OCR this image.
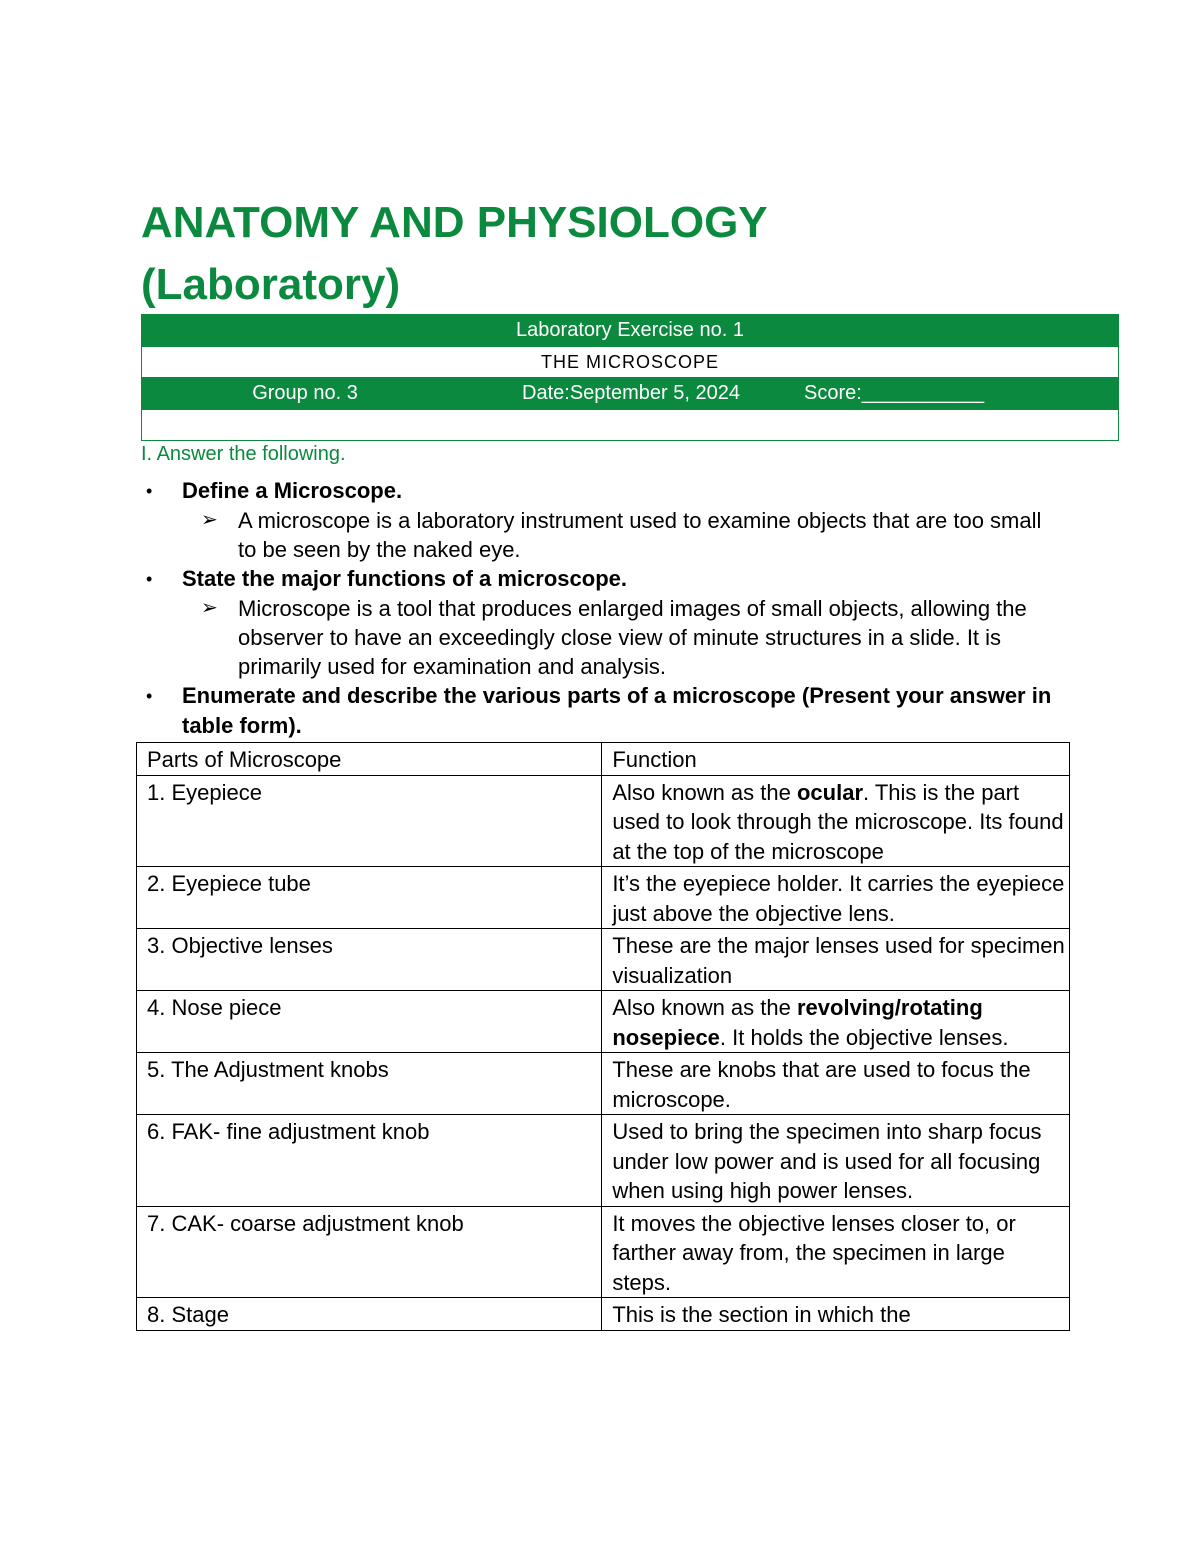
ANATOMY AND PHYSIOLOGY
(Laboratory)
Laboratory Exercise no. 1
THE MICROSCOPE

Group no. 3	Date:September 5, 2024	Score:___________

I. Answer the following.

•	Define a Microscope.
➢ A microscope is a laboratory instrument used to examine objects that are too small to be seen by the naked eye.
•	State the major functions of a microscope.
➢ Microscope is a tool that produces enlarged images of small objects, allowing the observer to have an exceedingly close view of minute structures in a slide. It is primarily used for examination and analysis.
•	Enumerate and describe the various parts of a microscope (Present your answer in table form).
Parts of Microscope	Function
1. Eyepiece	Also known as the ocular. This is the part used to look through the microscope. Its found at the top of the microscope
2. Eyepiece tube	It’s the eyepiece holder. It carries the eyepiece just above the objective lens.
3. Objective lenses	These are the major lenses used for specimen visualization
4. Nose piece	Also known as the revolving/rotating nosepiece. It holds the objective lenses.
5. The Adjustment knobs	These are knobs that are used to focus the microscope.
6. FAK- fine adjustment knob	Used to bring the specimen into sharp focus under low power and is used for all focusing when using high power lenses.
7. CAK- coarse adjustment knob	It moves the objective lenses closer to, or farther away from, the specimen in large steps.
8. Stage	This is the section in which the
